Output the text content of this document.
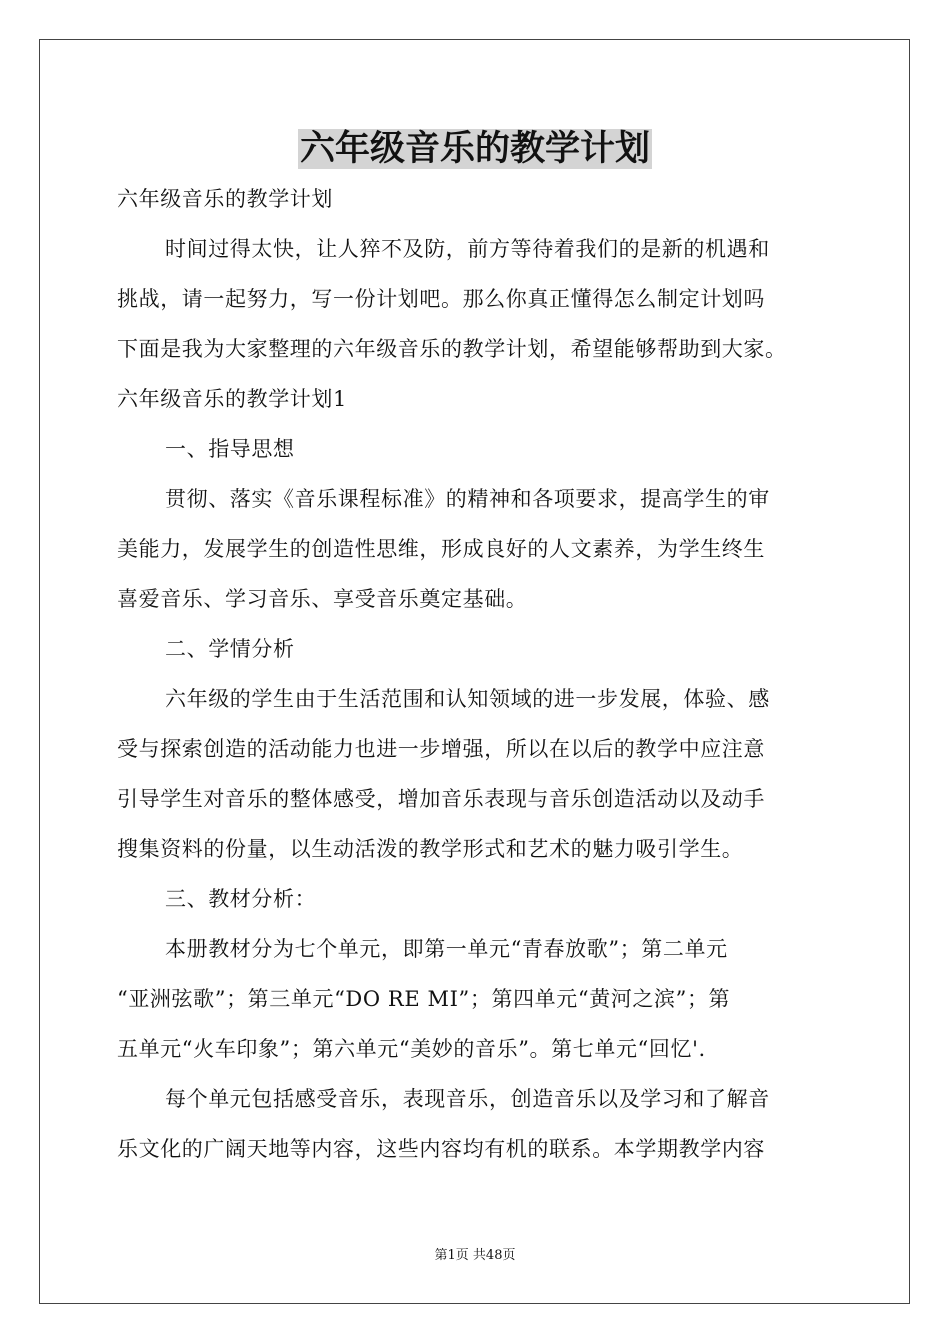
六年级音乐的教学计划

六年级音乐的教学计划

时间过得太快，让人猝不及防，前方等待着我们的是新的机遇和

挑战，请一起努力，写一份计划吧。那么你真正懂得怎么制定计划吗

下面是我为大家整理的六年级音乐的教学计划，希望能够帮助到大家。

六年级音乐的教学计划1

一、指导思想

贯彻、落实《音乐课程标准》的精神和各项要求，提高学生的审

美能力，发展学生的创造性思维，形成良好的人文素养，为学生终生

喜爱音乐、学习音乐、享受音乐奠定基础。

二、学情分析

六年级的学生由于生活范围和认知领域的进一步发展，体验、感

受与探索创造的活动能力也进一步增强，所以在以后的教学中应注意

引导学生对音乐的整体感受，增加音乐表现与音乐创造活动以及动手

搜集资料的份量，以生动活泼的教学形式和艺术的魅力吸引学生。

三、教材分析：

本册教材分为七个单元，即第一单元“青春放歌”；第二单元

“亚洲弦歌”；第三单元“DO RE MI”；第四单元“黄河之滨”；第

五单元“火车印象”；第六单元“美妙的音乐”。第七单元“回忆'.

每个单元包括感受音乐，表现音乐，创造音乐以及学习和了解音

乐文化的广阔天地等内容，这些内容均有机的联系。本学期教学内容

第1页 共48页
